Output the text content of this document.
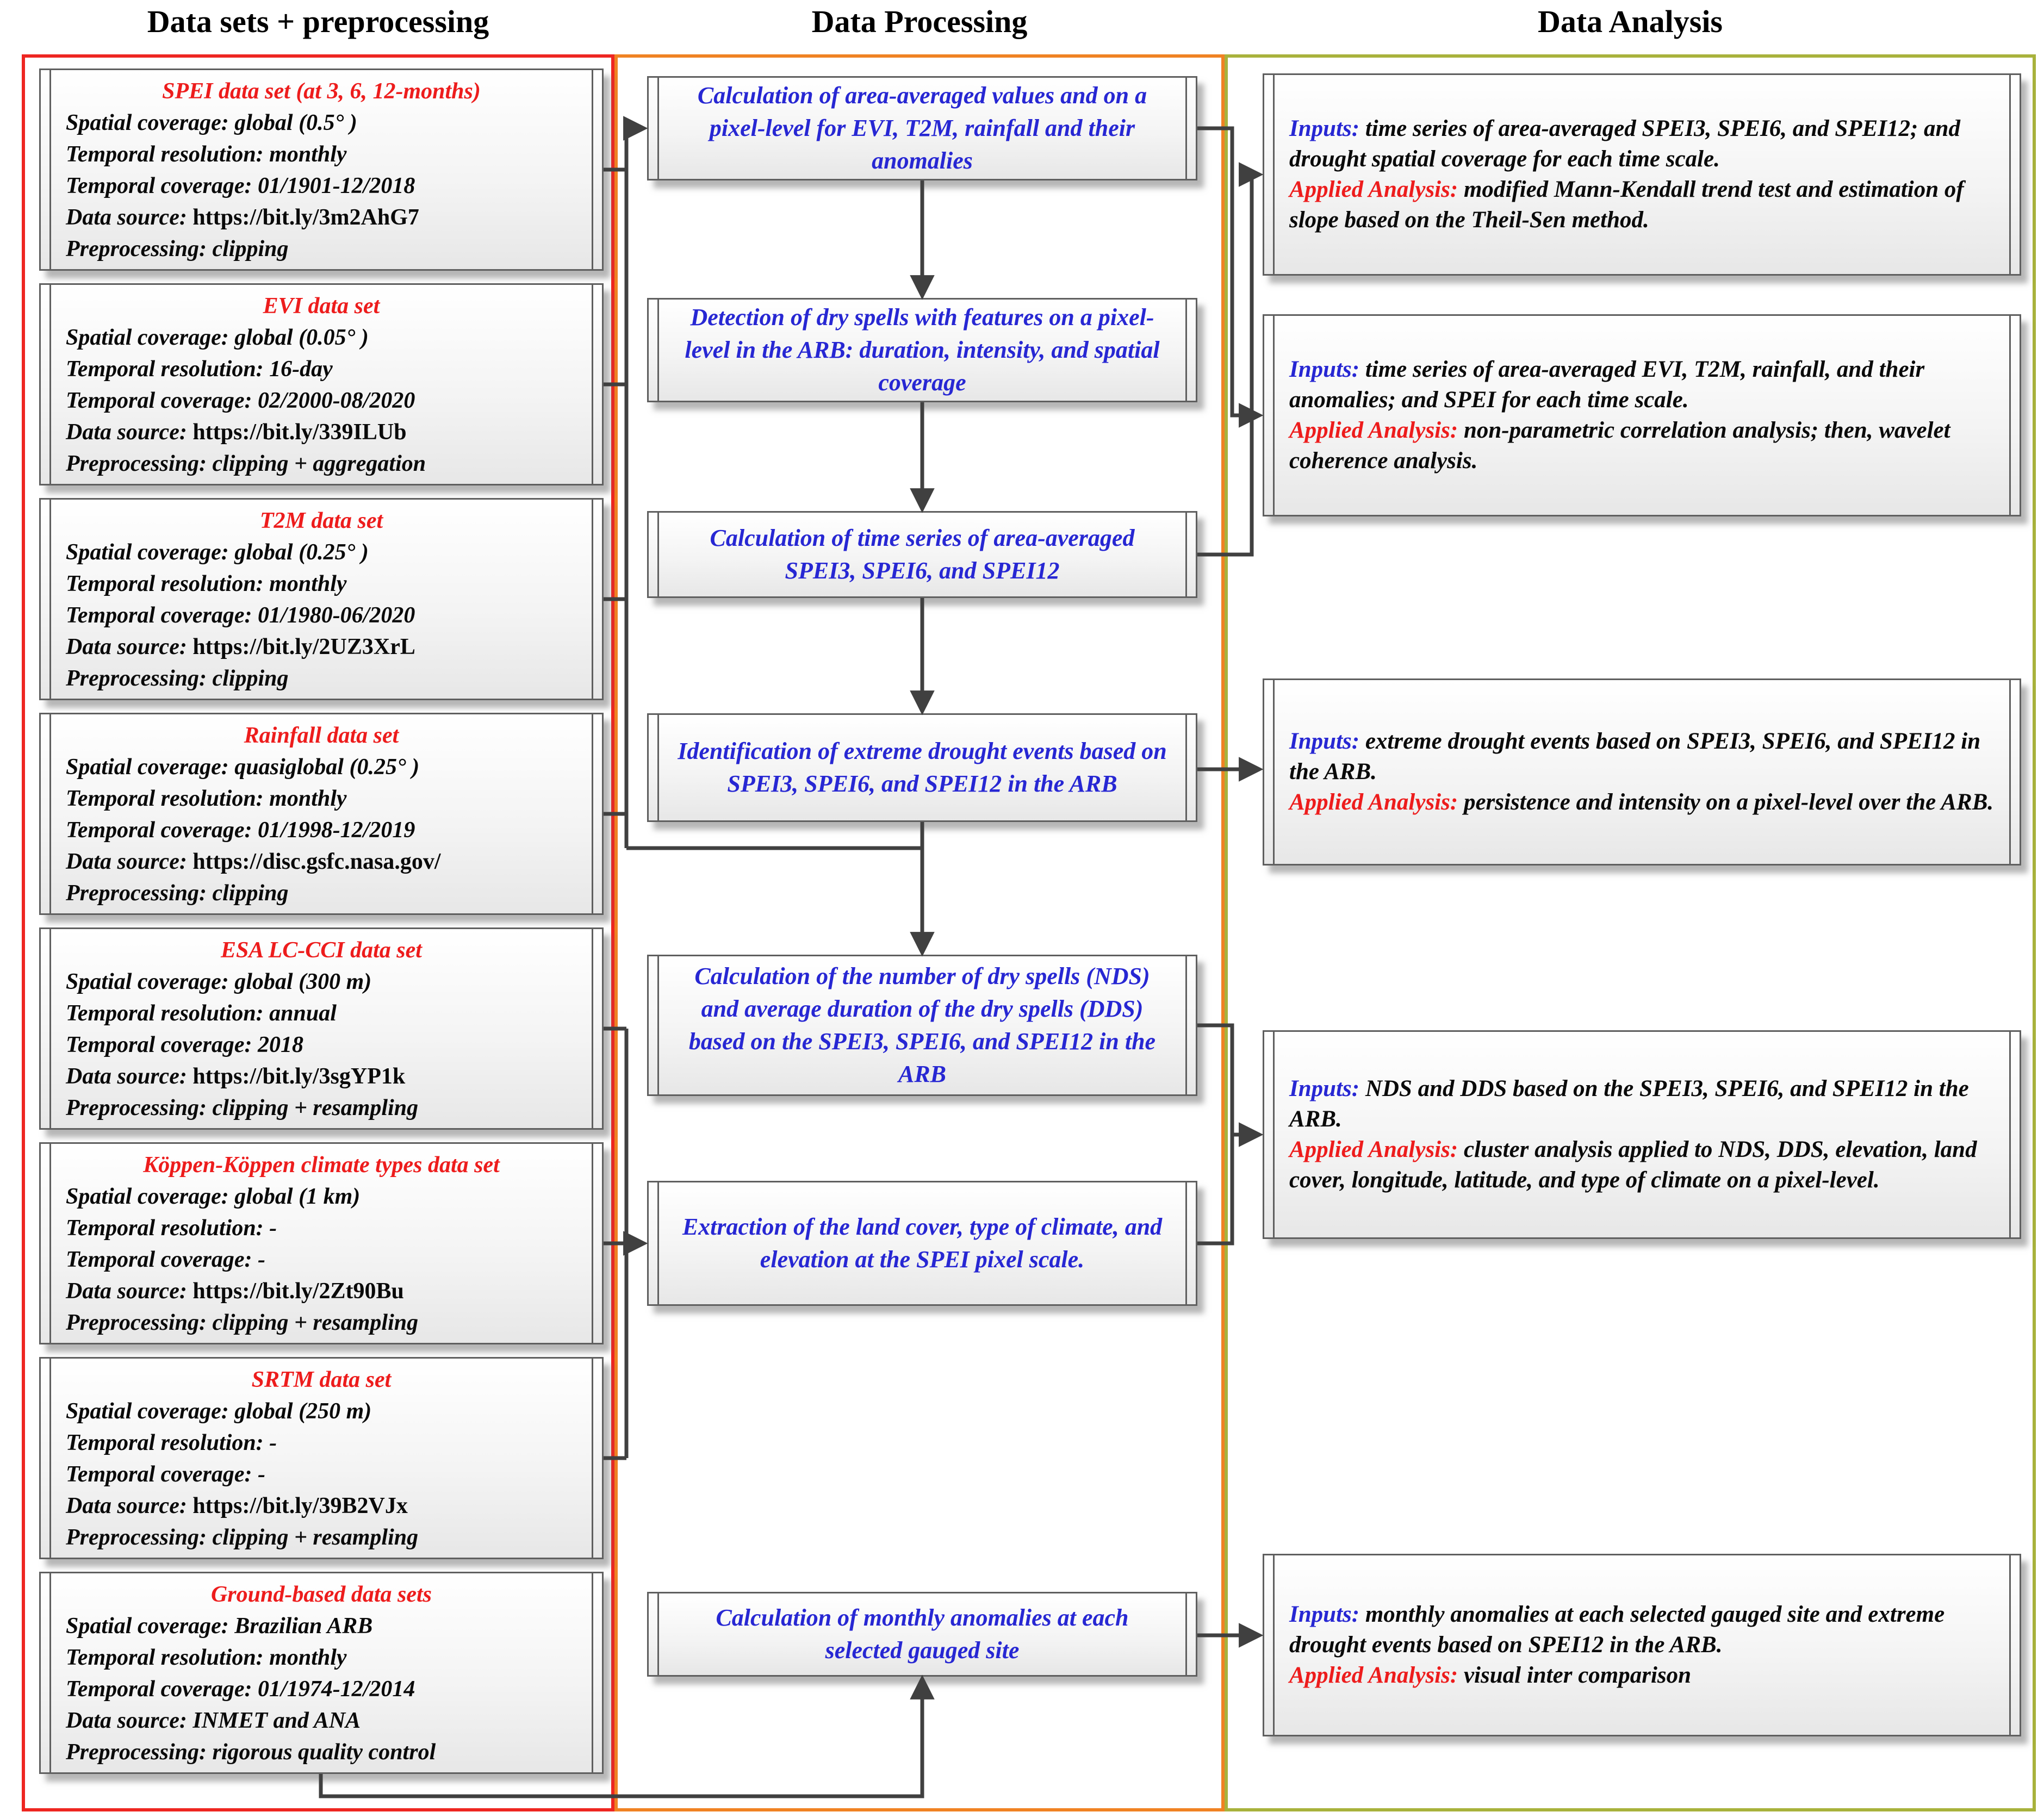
Data sets + preprocessing	Data Processing	Data Analysis
SPEI data set (at 3, 6, 12-months)
Spatial coverage: global (0.5° )
Temporal resolution: monthly
Temporal coverage: 01/1901-12/2018
Data source: https://bit.ly/3m2AhG7
Preprocessing: clipping
EVI data set
Spatial coverage: global (0.05° )
Temporal resolution: 16-day
Temporal coverage: 02/2000-08/2020
Data source: https://bit.ly/339ILUb
Preprocessing: clipping + aggregation
T2M data set
Spatial coverage: global (0.25° )
Temporal resolution: monthly
Temporal coverage: 01/1980-06/2020
Data source: https://bit.ly/2UZ3XrL
Preprocessing: clipping
Rainfall data set
Spatial coverage: quasiglobal (0.25° )
Temporal resolution: monthly
Temporal coverage: 01/1998-12/2019
Data source: https://disc.gsfc.nasa.gov/
Preprocessing: clipping
ESA LC-CCI data set
Spatial coverage: global (300 m)
Temporal resolution: annual
Temporal coverage: 2018
Data source: https://bit.ly/3sgYP1k
Preprocessing: clipping + resampling
Köppen-Köppen climate types data set
Spatial coverage: global (1 km)
Temporal resolution: -
Temporal coverage: -
Data source: https://bit.ly/2Zt90Bu
Preprocessing: clipping + resampling
SRTM data set
Spatial coverage: global (250 m)
Temporal resolution: -
Temporal coverage: -
Data source: https://bit.ly/39B2VJx
Preprocessing: clipping + resampling
Ground-based data sets
Spatial coverage: Brazilian ARB
Temporal resolution: monthly
Temporal coverage: 01/1974-12/2014
Data source: INMET and ANA
Preprocessing: rigorous quality control
Calculation of area-averaged values and on a pixel-level for EVI, T2M, rainfall and their anomalies
Detection of dry spells with features on a pixel-level in the ARB: duration, intensity, and spatial coverage
Calculation of time series of area-averaged SPEI3, SPEI6, and SPEI12
Identification of extreme drought events based on SPEI3, SPEI6, and SPEI12 in the ARB
Calculation of the number of dry spells (NDS) and average duration of the dry spells (DDS) based on the SPEI3, SPEI6, and SPEI12 in the ARB
Extraction of the land cover, type of climate, and elevation at the SPEI pixel scale.
Calculation of monthly anomalies at each selected gauged site
Inputs: time series of area-averaged SPEI3, SPEI6, and SPEI12; and drought spatial coverage for each time scale.
Applied Analysis: modified Mann-Kendall trend test and estimation of slope based on the Theil-Sen method.
Inputs: time series of area-averaged EVI, T2M, rainfall, and their anomalies; and SPEI for each time scale.
Applied Analysis: non-parametric correlation analysis; then, wavelet coherence analysis.
Inputs: extreme drought events based on SPEI3, SPEI6, and SPEI12 in the ARB.
Applied Analysis: persistence and intensity on a pixel-level over the ARB.
Inputs: NDS and DDS based on the SPEI3, SPEI6, and SPEI12 in the ARB.
Applied Analysis: cluster analysis applied to NDS, DDS, elevation, land cover, longitude, latitude, and type of climate on a pixel-level.
Inputs: monthly anomalies at each selected gauged site and extreme drought events based on SPEI12 in the ARB.
Applied Analysis: visual inter comparison
